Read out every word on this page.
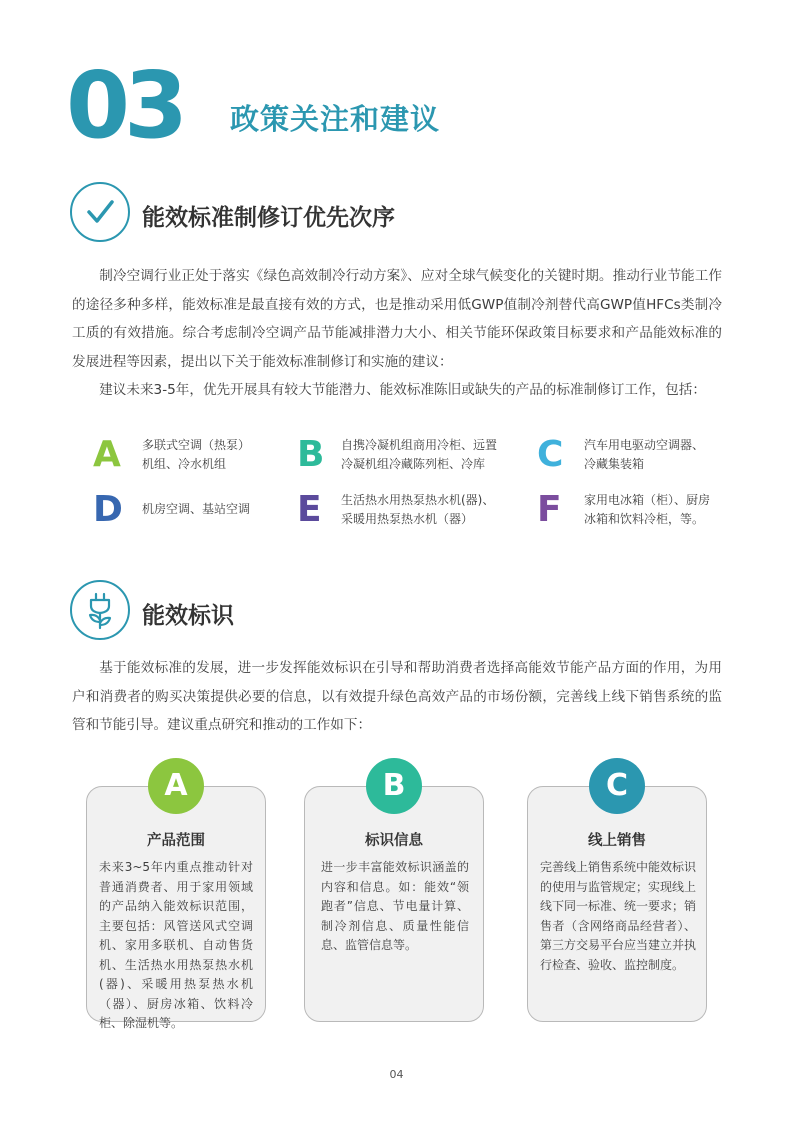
03 政策关注和建议
能效标准制修订优先次序

制冷空调行业正处于落实《绿色高效制冷行动方案》、应对全球气候变化的关键时期。推动行业节能工作的途径多种多样，能效标准是最直接有效的方式，也是推动采用低GWP值制冷剂替代高GWP值HFCs类制冷工质的有效措施。综合考虑制冷空调产品节能减排潜力大小、相关节能环保政策目标要求和产品能效标准的发展进程等因素，提出以下关于能效标准制修订和实施的建议：

建议未来3-5年，优先开展具有较大节能潜力、能效标准陈旧或缺失的产品的标准制修订工作，包括：

A 多联式空调（热泵）
机组、冷水机组	B 自携冷凝机组商用冷柜、远置
冷凝机组冷藏陈列柜、冷库	C 汽车用电驱动空调器、
冷藏集装箱
D 机房空调、基站空调 E 生活热水用热泵热水机(器)、
采暖用热泵热水机（器）	F 家用电冰箱（柜）、厨房
冰箱和饮料冷柜，等。
能效标识

基于能效标准的发展，进一步发挥能效标识在引导和帮助消费者选择高能效节能产品方面的作用，为用户和消费者的购买决策提供必要的信息，以有效提升绿色高效产品的市场份额，完善线上线下销售系统的监管和节能引导。建议重点研究和推动的工作如下：

产品范围
未来3~5年内重点推动针对普通消费者、用于家用领域的产品纳入能效标识范围，主要包括：风管送风式空调机、家用多联机、自动售货机、生活热水用热泵热水机(器)、采暖用热泵热水机（器）、厨房冰箱、饮料冷柜、除湿机等。
A
标识信息
进一步丰富能效标识涵盖的内容和信息。如：能效“领跑者”信息、节电量计算、制冷剂信息、质量性能信息、监管信息等。
B
线上销售
完善线上销售系统中能效标识的使用与监管规定；实现线上线下同一标准、统一要求；销售者（含网络商品经营者）、第三方交易平台应当建立并执行检查、验收、监控制度。
C
04
